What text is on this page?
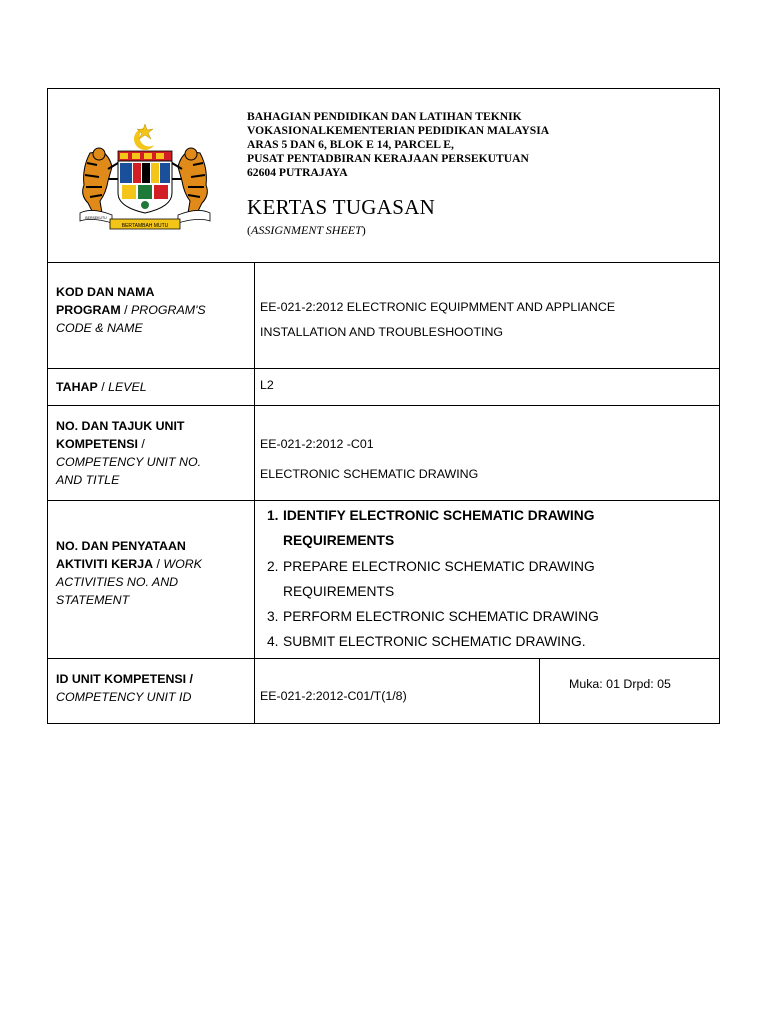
BERTAMBAH MUTU
BERSEKUTU
BAHAGIAN PENDIDIKAN DAN LATIHAN TEKNIK
VOKASIONALKEMENTERIAN PEDIDIKAN MALAYSIA
ARAS 5 DAN 6, BLOK E 14, PARCEL E,
PUSAT PENTADBIRAN KERAJAAN PERSEKUTUAN
62604 PUTRAJAYA
KERTAS TUGASAN
(ASSIGNMENT SHEET)
KOD DAN NAMA
PROGRAM / PROGRAM'S
CODE & NAME
EE-021-2:2012 ELECTRONIC EQUIPMMENT AND APPLIANCE
INSTALLATION AND TROUBLESHOOTING
TAHAP / LEVEL	L2
NO. DAN TAJUK UNIT
KOMPETENSI /
COMPETENCY UNIT NO.
AND TITLE
EE-021-2:2012 -C01
ELECTRONIC SCHEMATIC DRAWING
NO. DAN PENYATAAN
AKTIVITI KERJA / WORK
ACTIVITIES NO. AND
STATEMENT
1. IDENTIFY ELECTRONIC SCHEMATIC DRAWING
REQUIREMENTS
2. PREPARE ELECTRONIC SCHEMATIC DRAWING
REQUIREMENTS
3. PERFORM ELECTRONIC SCHEMATIC DRAWING
4. SUBMIT ELECTRONIC SCHEMATIC DRAWING.
ID UNIT KOMPETENSI /
COMPETENCY UNIT ID	EE-021-2:2012-C01/T(1/8)
Muka: 01 Drpd: 05
